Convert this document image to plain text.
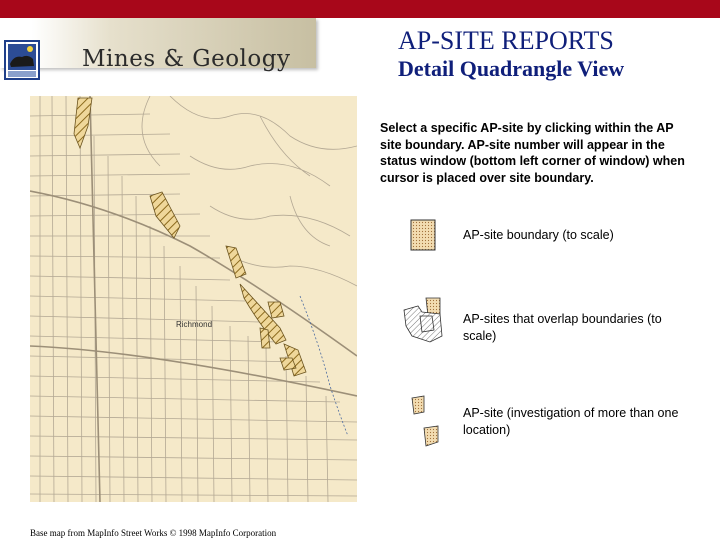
Mines & Geology
AP-SITE REPORTS
Detail Quadrangle View
Richmond
Base map from MapInfo Street Works © 1998 MapInfo Corporation
Select a specific AP-site by clicking within the AP site boundary. AP-site number will appear in the status window (bottom left corner of window) when cursor is placed over site boundary.
AP-site boundary (to scale)
AP-sites that overlap boundaries (to scale)
AP-site (investigation of more than one location)
